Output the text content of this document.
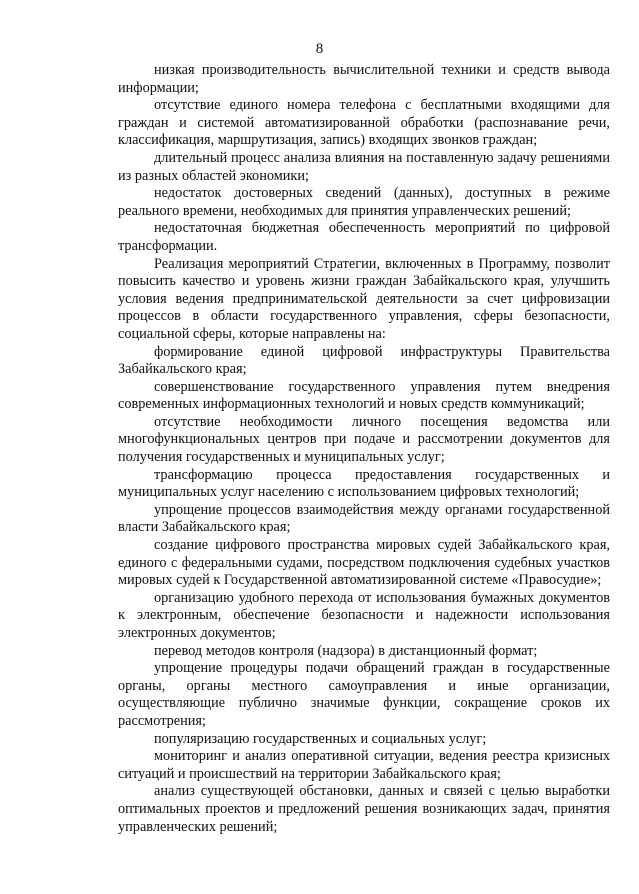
8

низкая производительность вычислительной техники и средств вывода информации;

отсутствие единого номера телефона с бесплатными входящими для граждан и системой автоматизированной обработки (распознавание речи, классификация, маршрутизация, запись) входящих звонков граждан;

длительный процесс анализа влияния на поставленную задачу решениями из разных областей экономики;

недостаток достоверных сведений (данных), доступных в режиме реального времени, необходимых для принятия управленческих решений;

недостаточная бюджетная обеспеченность мероприятий по цифровой трансформации.

Реализация мероприятий Стратегии, включенных в Программу, позволит повысить качество и уровень жизни граждан Забайкальского края, улучшить условия ведения предпринимательской деятельности за счет цифровизации процессов в области государственного управления, сферы безопасности, социальной сферы, которые направлены на:

формирование единой цифровой инфраструктуры Правительства Забайкальского края;

совершенствование государственного управления путем внедрения современных информационных технологий и новых средств коммуникаций;

отсутствие необходимости личного посещения ведомства или многофункциональных центров при подаче и рассмотрении документов для получения государственных и муниципальных услуг;

трансформацию процесса предоставления государственных и муниципальных услуг населению с использованием цифровых технологий;

упрощение процессов взаимодействия между органами государственной власти Забайкальского края;

создание цифрового пространства мировых судей Забайкальского края, единого с федеральными судами, посредством подключения судебных участков мировых судей к Государственной автоматизированной системе «Правосудие»;

организацию удобного перехода от использования бумажных документов к электронным, обеспечение безопасности и надежности использования электронных документов;

перевод методов контроля (надзора) в дистанционный формат;

упрощение процедуры подачи обращений граждан в государственные органы, органы местного самоуправления и иные организации, осуществляющие публично значимые функции, сокращение сроков их рассмотрения;

популяризацию государственных и социальных услуг;

мониторинг и анализ оперативной ситуации, ведения реестра кризисных ситуаций и происшествий на территории Забайкальского края;

анализ существующей обстановки, данных и связей с целью выработки оптимальных проектов и предложений решения возникающих задач, принятия управленческих решений;
